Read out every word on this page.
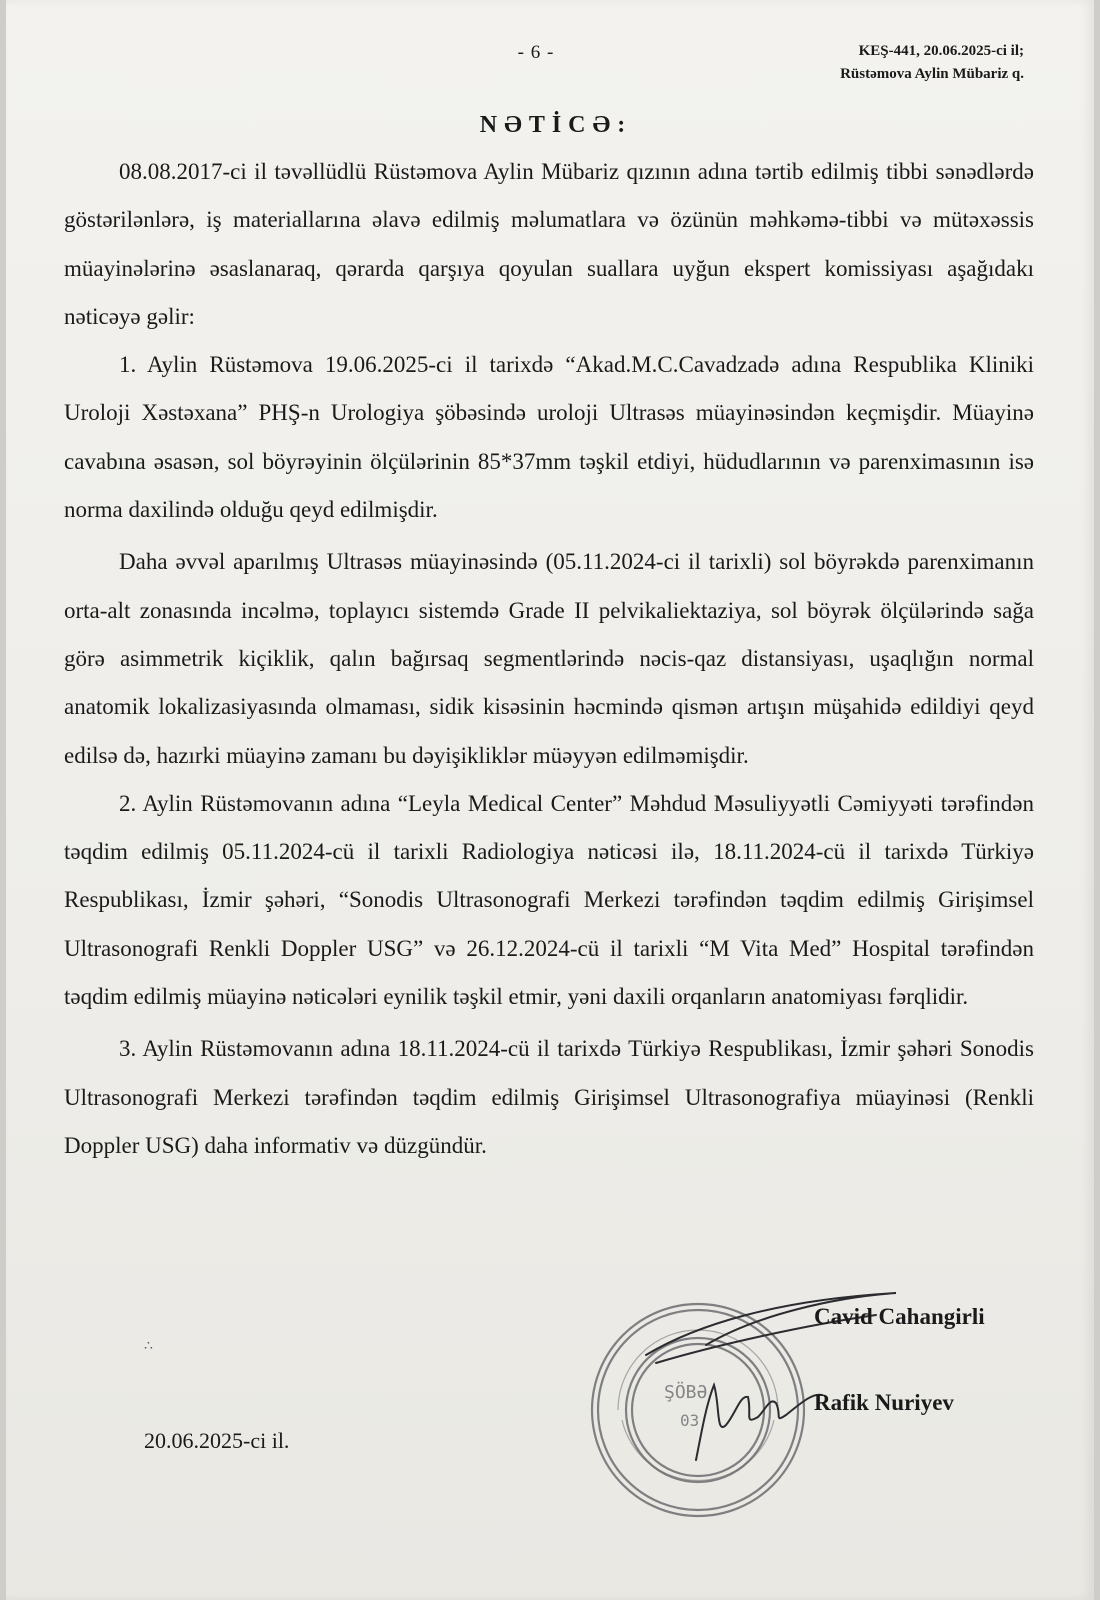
- 6 -	KEŞ-441, 20.06.2025-ci il;
Rüstəmova Aylin Mübariz q.
NƏTİCƏ:

08.08.2017-ci il təvəllüdlü Rüstəmova Aylin Mübariz qızının adına tərtib edilmiş tibbi sənədlərdə göstərilənlərə, iş materiallarına əlavə edilmiş məlumatlara və özünün məhkəmə-tibbi və mütəxəssis müayinələrinə əsaslanaraq, qərarda qarşıya qoyulan suallara uyğun ekspert komissiyası aşağıdakı nəticəyə gəlir:

1. Aylin Rüstəmova 19.06.2025-ci il tarixdə “Akad.M.C.Cavadzadə adına Respublika Kliniki Uroloji Xəstəxana” PHŞ-n Urologiya şöbəsində uroloji Ultrasəs müayinəsindən keçmişdir. Müayinə cavabına əsasən, sol böyrəyinin ölçülərinin 85*37mm təşkil etdiyi, hüdudlarının və parenximasının isə norma daxilində olduğu qeyd edilmişdir.

Daha əvvəl aparılmış Ultrasəs müayinəsində (05.11.2024-ci il tarixli) sol böyrəkdə parenximanın orta-alt zonasında incəlmə, toplayıcı sistemdə Grade II pelvikaliektaziya, sol böyrək ölçülərində sağa görə asimmetrik kiçiklik, qalın bağırsaq segmentlərində nəcis-qaz distansiyası, uşaqlığın normal anatomik lokalizasiyasında olmaması, sidik kisəsinin həcmində qismən artışın müşahidə edildiyi qeyd edilsə də, hazırki müayinə zamanı bu dəyişikliklər müəyyən edilməmişdir.

2. Aylin Rüstəmovanın adına “Leyla Medical Center” Məhdud Məsuliyyətli Cəmiyyəti tərəfindən təqdim edilmiş 05.11.2024-cü il tarixli Radiologiya nəticəsi ilə, 18.11.2024-cü il tarixdə Türkiyə Respublikası, İzmir şəhəri, “Sonodis Ultrasonografi Merkezi tərəfindən təqdim edilmiş Girişimsel Ultrasonografi Renkli Doppler USG” və 26.12.2024-cü il tarixli “M Vita Med” Hospital tərəfindən təqdim edilmiş müayinə nəticələri eynilik təşkil etmir, yəni daxili orqanların anatomiyası fərqlidir.

3. Aylin Rüstəmovanın adına 18.11.2024-cü il tarixdə Türkiyə Respublikası, İzmir şəhəri Sonodis Ultrasonografi Merkezi tərəfindən təqdim edilmiş Girişimsel Ultrasonografiya müayinəsi (Renkli Doppler USG) daha informativ və düzgündür.

∴
ŞÖBƏ
03
Cavid Cahangirli
Rafik Nuriyev
20.06.2025-ci il.
